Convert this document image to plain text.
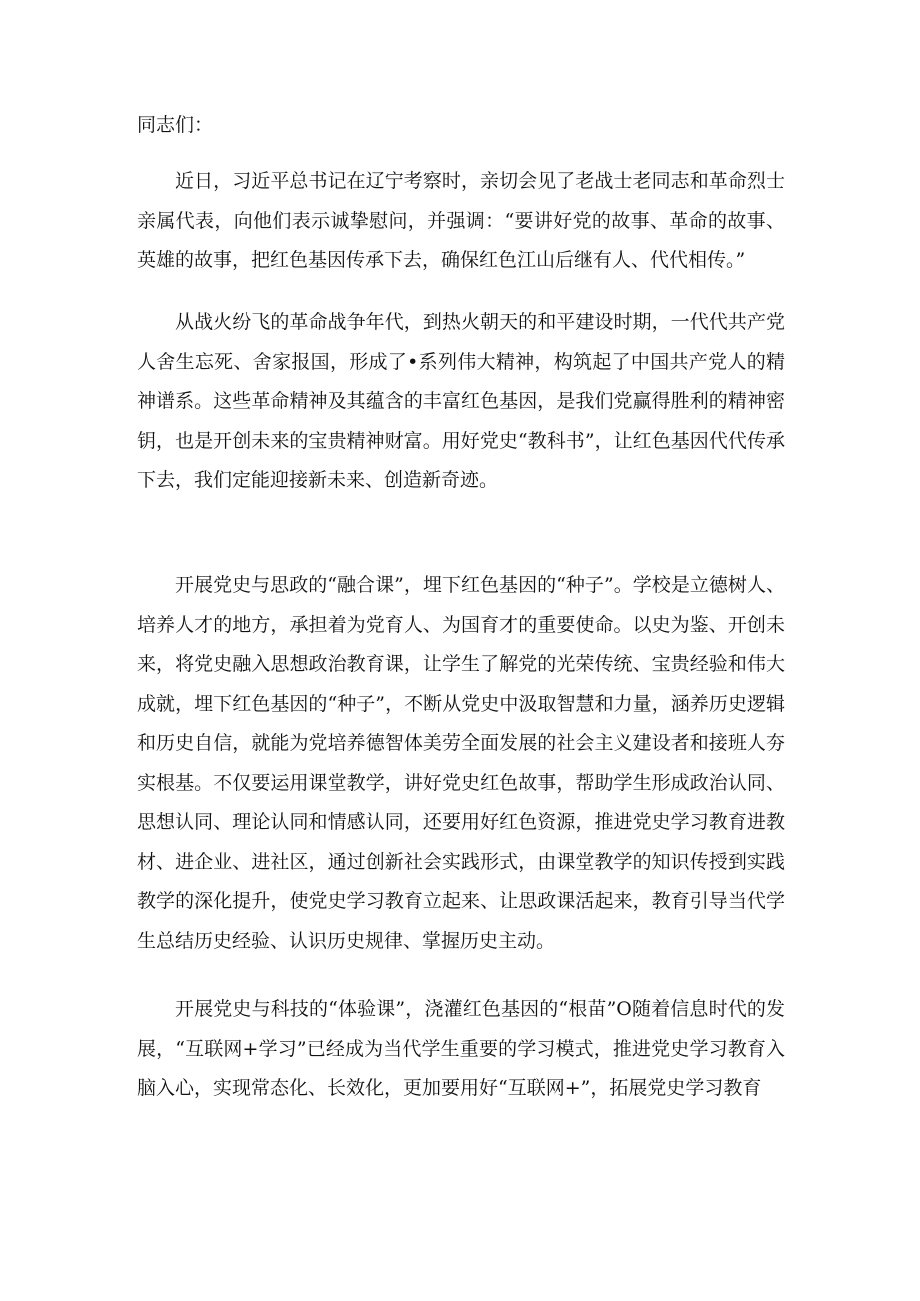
同志们：

近日，习近平总书记在辽宁考察时，亲切会见了老战士老同志和革命烈士亲属代表，向他们表示诚挚慰问，并强调：“要讲好党的故事、革命的故事、英雄的故事，把红色基因传承下去，确保红色江山后继有人、代代相传。”

从战火纷飞的革命战争年代，到热火朝天的和平建设时期，一代代共产党人舍生忘死、舍家报国，形成了•系列伟大精神，构筑起了中国共产党人的精神谱系。这些革命精神及其蕴含的丰富红色基因，是我们党赢得胜利的精神密钥，也是开创未来的宝贵精神财富。用好党史“教科书”，让红色基因代代传承下去，我们定能迎接新未来、创造新奇迹。

开展党史与思政的“融合课”，埋下红色基因的“种子”。学校是立德树人、培养人才的地方，承担着为党育人、为国育才的重要使命。以史为鉴、开创未来，将党史融入思想政治教育课，让学生了解党的光荣传统、宝贵经验和伟大成就，埋下红色基因的“种子”，不断从党史中汲取智慧和力量，涵养历史逻辑和历史自信，就能为党培养德智体美劳全面发展的社会主义建设者和接班人夯实根基。不仅要运用课堂教学，讲好党史红色故事，帮助学生形成政治认同、思想认同、理论认同和情感认同，还要用好红色资源，推进党史学习教育进教材、进企业、进社区，通过创新社会实践形式，由课堂教学的知识传授到实践教学的深化提升，使党史学习教育立起来、让思政课活起来，教育引导当代学生总结历史经验、认识历史规律、掌握历史主动。

开展党史与科技的“体验课”，浇灌红色基因的“根苗”O随着信息时代的发展，“互联网+学习”已经成为当代学生重要的学习模式，推进党史学习教育入脑入心，实现常态化、长效化，更加要用好“互联网+”，拓展党史学习教育
